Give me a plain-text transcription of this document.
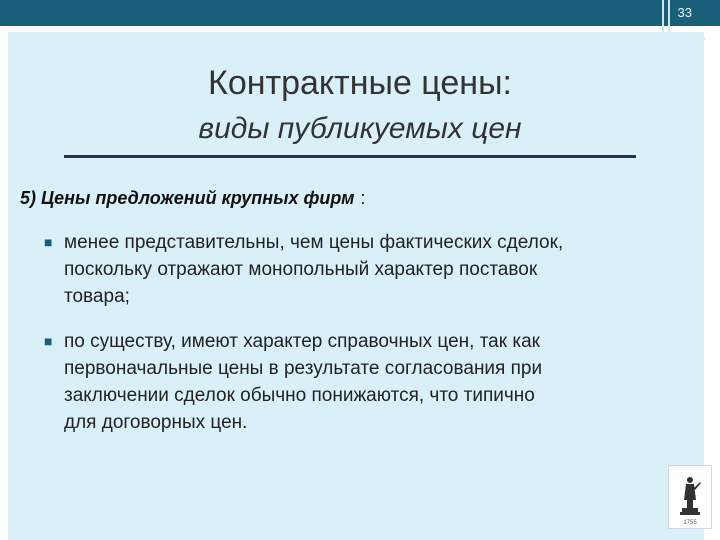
33
Контрактные цены:
виды публикуемых цен
5) Цены предложений крупных фирм :
■ менее представительны, чем цены фактических сделок,
поскольку отражают монопольный характер поставок
товара;
■ по существу, имеют характер справочных цен, так как
первоначальные цены в результате согласования при
заключении сделок обычно понижаются, что типично
для договорных цен.
1755
